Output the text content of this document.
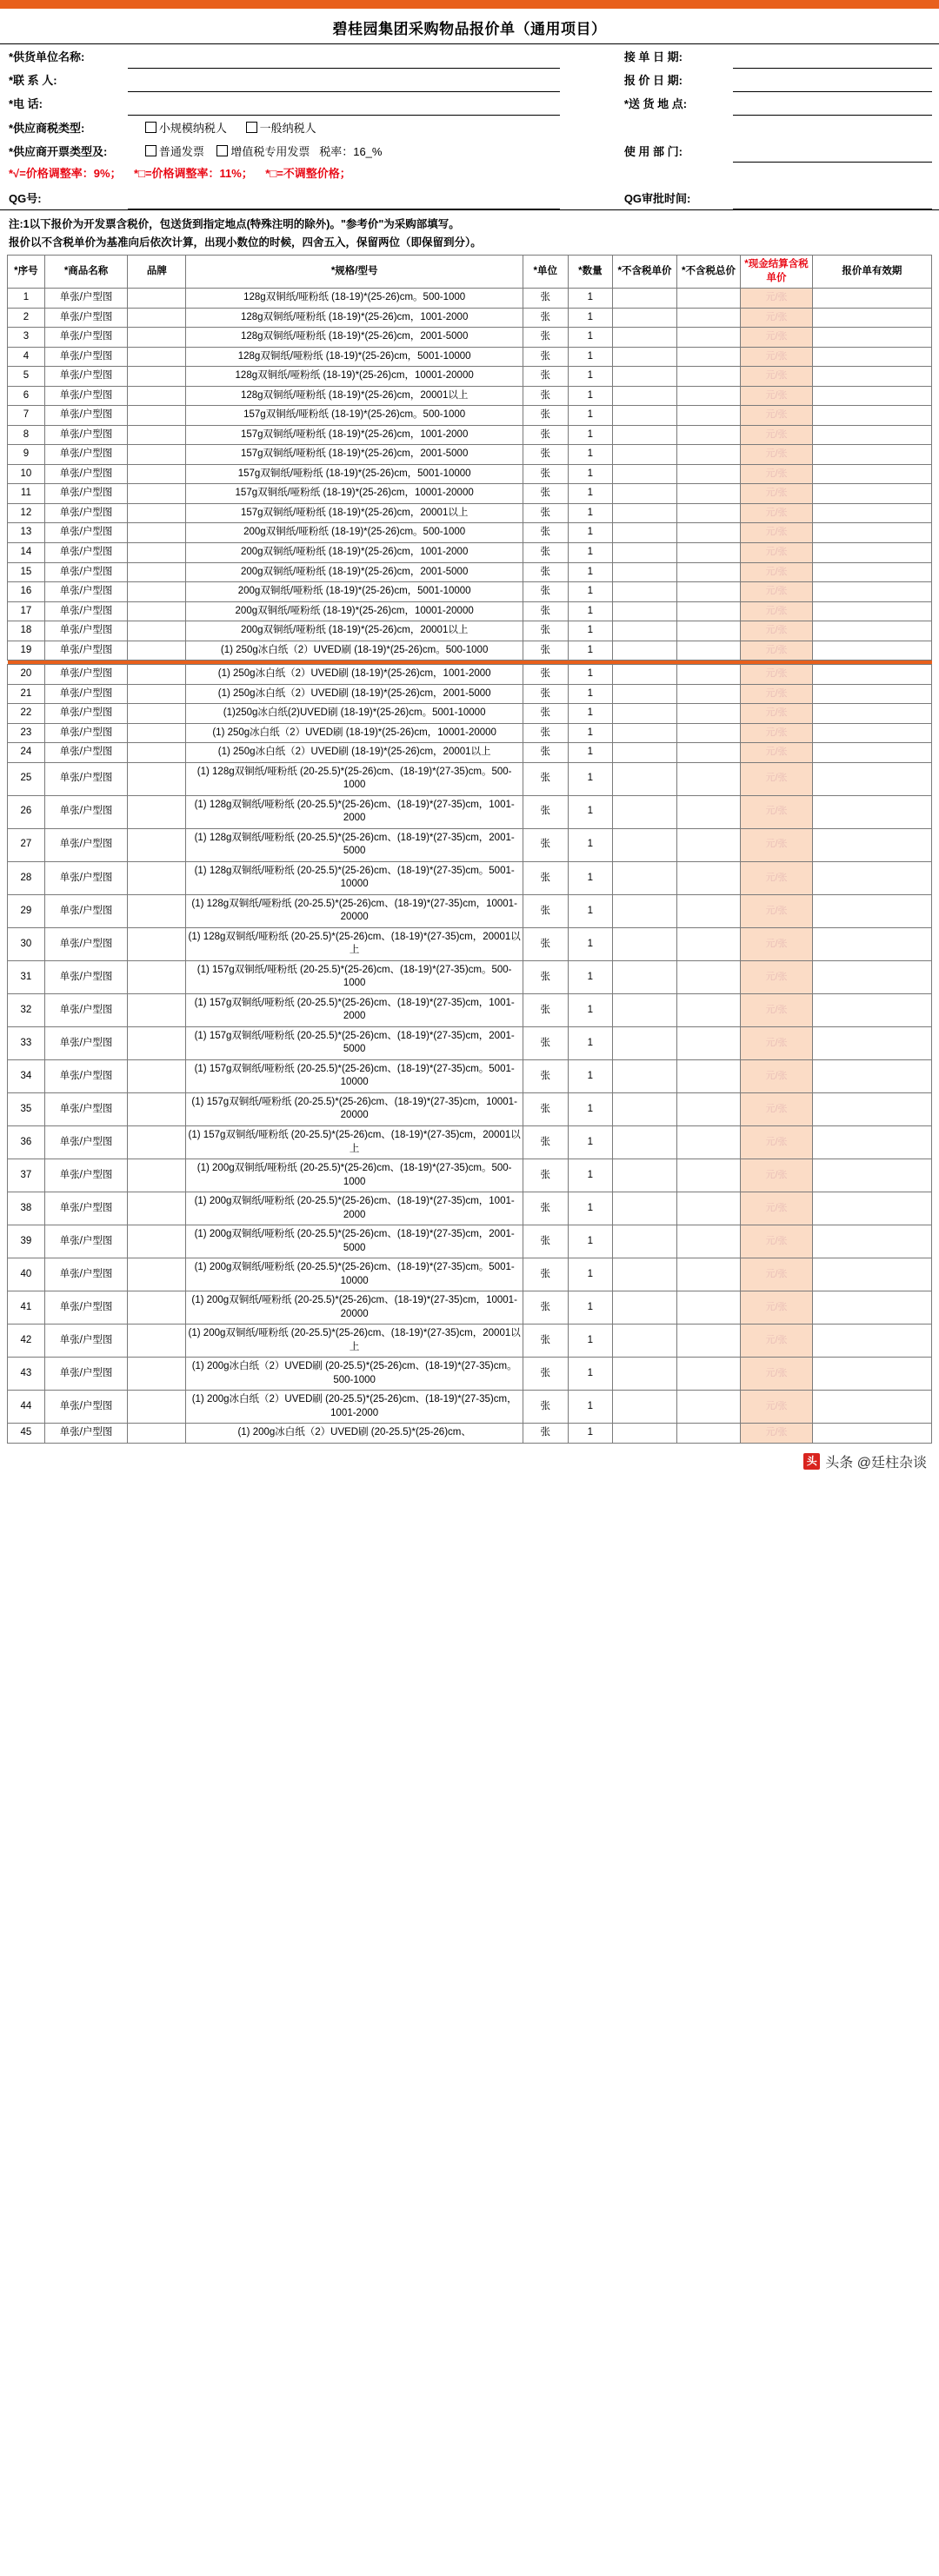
碧桂园集团采购物品报价单（通用项目）
*供货单位名称:			接 单 日 期:	
*联 系 人:			报 价 日 期:	
*电 话:			*送 货 地 点:	
*供应商税类型:	小规模纳税人 一般纳税人			
*供应商开票类型及:	普通发票 增值税专用发票 税率：16_%		使 用 部 门:	
*√=价格调整率：9%； *□=价格调整率：11%； *□=不调整价格；				
QG号:			QG审批时间:	
注:1以下报价为开发票含税价，包送货到指定地点(特殊注明的除外)。"参考价"为采购部填写。
报价以不含税单价为基准向后依次计算，出现小数位的时候，四舍五入，保留两位（即保留到分）。
*序号	*商品名称	品牌	*规格/型号	*单位	*数量	*不含税单价	*不含税总价	*现金结算含税单价	报价单有效期
1	单张/户型图		128g双铜纸/哑粉纸 (18-19)*(25-26)cm。500-1000	张	1			元/张	
2	单张/户型图		128g双铜纸/哑粉纸 (18-19)*(25-26)cm，1001-2000	张	1			元/张	
3	单张/户型图		128g双铜纸/哑粉纸 (18-19)*(25-26)cm，2001-5000	张	1			元/张	
4	单张/户型图		128g双铜纸/哑粉纸 (18-19)*(25-26)cm，5001-10000	张	1			元/张	
5	单张/户型图		128g双铜纸/哑粉纸 (18-19)*(25-26)cm，10001-20000	张	1			元/张	
6	单张/户型图		128g双铜纸/哑粉纸 (18-19)*(25-26)cm，20001以上	张	1			元/张	
7	单张/户型图		157g双铜纸/哑粉纸 (18-19)*(25-26)cm。500-1000	张	1			元/张	
8	单张/户型图		157g双铜纸/哑粉纸 (18-19)*(25-26)cm，1001-2000	张	1			元/张	
9	单张/户型图		157g双铜纸/哑粉纸 (18-19)*(25-26)cm，2001-5000	张	1			元/张	
10	单张/户型图		157g双铜纸/哑粉纸 (18-19)*(25-26)cm，5001-10000	张	1			元/张	
11	单张/户型图		157g双铜纸/哑粉纸 (18-19)*(25-26)cm，10001-20000	张	1			元/张	
12	单张/户型图		157g双铜纸/哑粉纸 (18-19)*(25-26)cm，20001以上	张	1			元/张	
13	单张/户型图		200g双铜纸/哑粉纸 (18-19)*(25-26)cm。500-1000	张	1			元/张	
14	单张/户型图		200g双铜纸/哑粉纸 (18-19)*(25-26)cm，1001-2000	张	1			元/张	
15	单张/户型图		200g双铜纸/哑粉纸 (18-19)*(25-26)cm，2001-5000	张	1			元/张	
16	单张/户型图		200g双铜纸/哑粉纸 (18-19)*(25-26)cm，5001-10000	张	1			元/张	
17	单张/户型图		200g双铜纸/哑粉纸 (18-19)*(25-26)cm，10001-20000	张	1			元/张	
18	单张/户型图		200g双铜纸/哑粉纸 (18-19)*(25-26)cm，20001以上	张	1			元/张	
19	单张/户型图		(1) 250g冰白纸（2）UVED刷 (18-19)*(25-26)cm。500-1000	张	1			元/张	

20	单张/户型图		(1) 250g冰白纸（2）UVED刷 (18-19)*(25-26)cm，1001-2000	张	1			元/张	
21	单张/户型图		(1) 250g冰白纸（2）UVED刷 (18-19)*(25-26)cm，2001-5000	张	1			元/张	
22	单张/户型图		(1)250g冰白纸(2)UVED刷 (18-19)*(25-26)cm。5001-10000	张	1			元/张	
23	单张/户型图		(1) 250g冰白纸（2）UVED刷 (18-19)*(25-26)cm，10001-20000	张	1			元/张	
24	单张/户型图		(1) 250g冰白纸（2）UVED刷 (18-19)*(25-26)cm，20001以上	张	1			元/张	
25	单张/户型图		(1) 128g双铜纸/哑粉纸 (20-25.5)*(25-26)cm、(18-19)*(27-35)cm。500-1000	张	1			元/张	
26	单张/户型图		(1) 128g双铜纸/哑粉纸 (20-25.5)*(25-26)cm、(18-19)*(27-35)cm，1001-2000	张	1			元/张	
27	单张/户型图		(1) 128g双铜纸/哑粉纸 (20-25.5)*(25-26)cm、(18-19)*(27-35)cm，2001-5000	张	1			元/张	
28	单张/户型图		(1) 128g双铜纸/哑粉纸 (20-25.5)*(25-26)cm、(18-19)*(27-35)cm。5001-10000	张	1			元/张	
29	单张/户型图		(1) 128g双铜纸/哑粉纸 (20-25.5)*(25-26)cm、(18-19)*(27-35)cm，10001-20000	张	1			元/张	
30	单张/户型图		(1) 128g双铜纸/哑粉纸 (20-25.5)*(25-26)cm、(18-19)*(27-35)cm，20001以上	张	1			元/张	
31	单张/户型图		(1) 157g双铜纸/哑粉纸 (20-25.5)*(25-26)cm、(18-19)*(27-35)cm。500-1000	张	1			元/张	
32	单张/户型图		(1) 157g双铜纸/哑粉纸 (20-25.5)*(25-26)cm、(18-19)*(27-35)cm，1001-2000	张	1			元/张	
33	单张/户型图		(1) 157g双铜纸/哑粉纸 (20-25.5)*(25-26)cm、(18-19)*(27-35)cm，2001-5000	张	1			元/张	
34	单张/户型图		(1) 157g双铜纸/哑粉纸 (20-25.5)*(25-26)cm、(18-19)*(27-35)cm。5001-10000	张	1			元/张	
35	单张/户型图		(1) 157g双铜纸/哑粉纸 (20-25.5)*(25-26)cm、(18-19)*(27-35)cm，10001-20000	张	1			元/张	
36	单张/户型图		(1) 157g双铜纸/哑粉纸 (20-25.5)*(25-26)cm、(18-19)*(27-35)cm，20001以上	张	1			元/张	
37	单张/户型图		(1) 200g双铜纸/哑粉纸 (20-25.5)*(25-26)cm、(18-19)*(27-35)cm。500-1000	张	1			元/张	
38	单张/户型图		(1) 200g双铜纸/哑粉纸 (20-25.5)*(25-26)cm、(18-19)*(27-35)cm，1001-2000	张	1			元/张	
39	单张/户型图		(1) 200g双铜纸/哑粉纸 (20-25.5)*(25-26)cm、(18-19)*(27-35)cm，2001-5000	张	1			元/张	
40	单张/户型图		(1) 200g双铜纸/哑粉纸 (20-25.5)*(25-26)cm、(18-19)*(27-35)cm。5001-10000	张	1			元/张	
41	单张/户型图		(1) 200g双铜纸/哑粉纸 (20-25.5)*(25-26)cm、(18-19)*(27-35)cm，10001-20000	张	1			元/张	
42	单张/户型图		(1) 200g双铜纸/哑粉纸 (20-25.5)*(25-26)cm、(18-19)*(27-35)cm，20001以上	张	1			元/张	
43	单张/户型图		(1) 200g冰白纸（2）UVED刷 (20-25.5)*(25-26)cm、(18-19)*(27-35)cm。500-1000	张	1			元/张	
44	单张/户型图		(1) 200g冰白纸（2）UVED刷 (20-25.5)*(25-26)cm、(18-19)*(27-35)cm，1001-2000	张	1			元/张	
45	单张/户型图		(1) 200g冰白纸（2）UVED刷 (20-25.5)*(25-26)cm、	张	1			元/张	
头 头条 @廷柱杂谈
